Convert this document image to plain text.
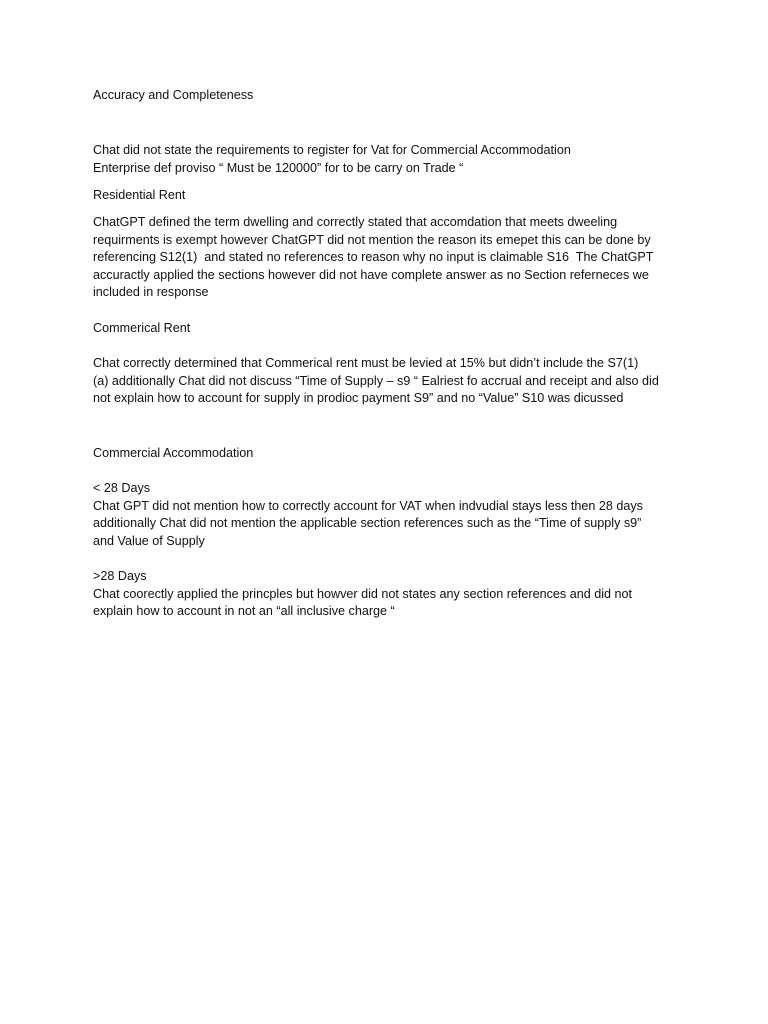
Accuracy and Completeness
Chat did not state the requirements to register for Vat for Commercial Accommodation
Enterprise def proviso “ Must be 120000” for to be carry on Trade “
Residential Rent
ChatGPT defined the term dwelling and correctly stated that accomdation that meets dweeling
requirments is exempt however ChatGPT did not mention the reason its emepet this can be done by
referencing S12(1)  and stated no references to reason why no input is claimable S16  The ChatGPT
accuractly applied the sections however did not have complete answer as no Section referneces we
included in response
Commerical Rent
Chat correctly determined that Commerical rent must be levied at 15% but didn’t include the S7(1)
(a) additionally Chat did not discuss “Time of Supply – s9 “ Ealriest fo accrual and receipt and also did
not explain how to account for supply in prodioc payment S9” and no “Value” S10 was dicussed
Commercial Accommodation
< 28 Days
Chat GPT did not mention how to correctly account for VAT when indvudial stays less then 28 days
additionally Chat did not mention the applicable section references such as the “Time of supply s9”
and Value of Supply
>28 Days
Chat coorectly applied the princples but howver did not states any section references and did not
explain how to account in not an “all inclusive charge “
